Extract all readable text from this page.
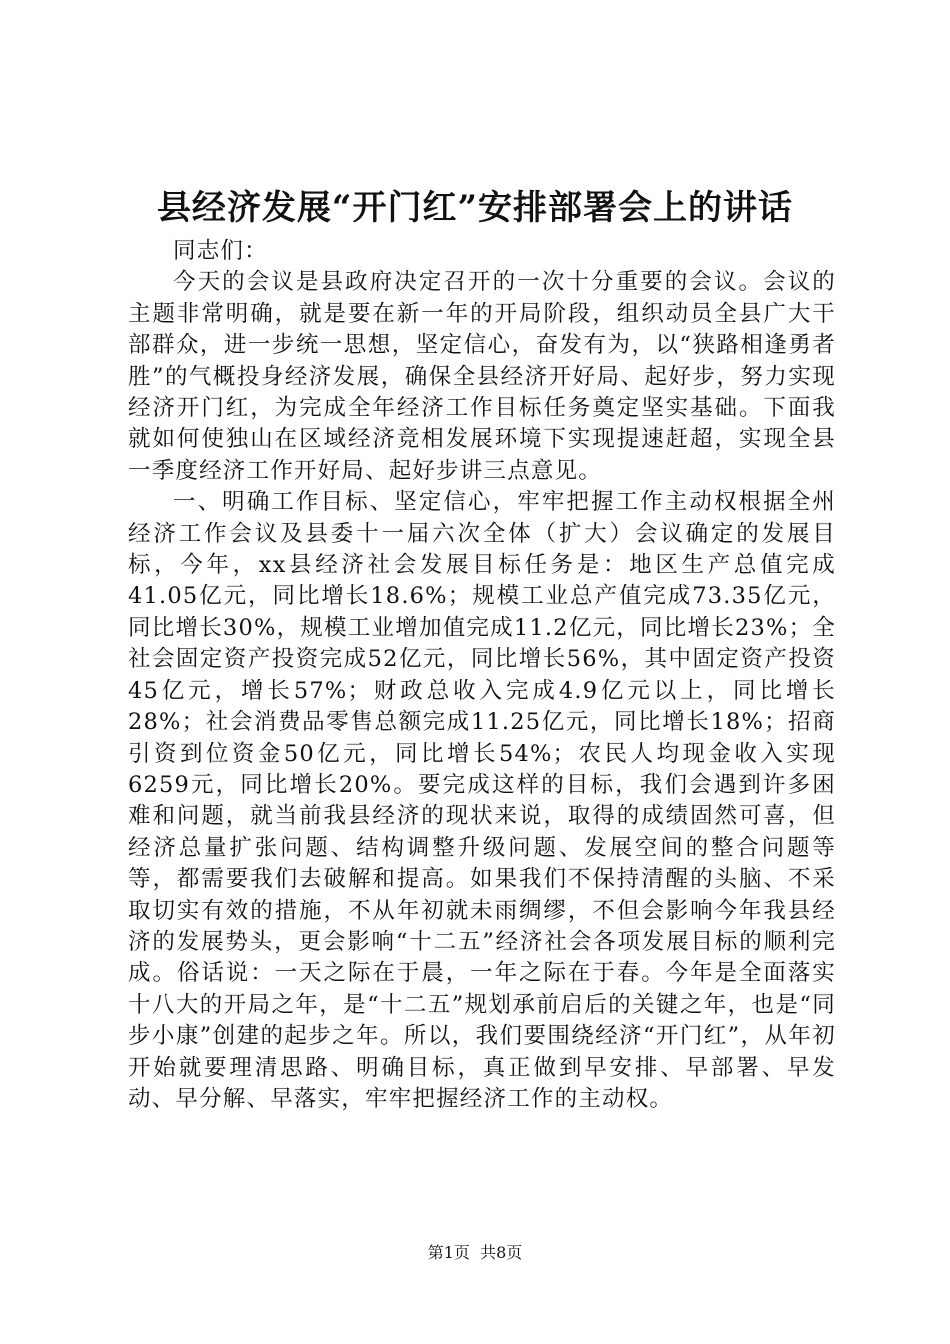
县经济发展“开门红”安排部署会上的讲话

同志们：

今天的会议是县政府决定召开的一次十分重要的会议。会议的主题非常明确，就是要在新一年的开局阶段，组织动员全县广大干部群众，进一步统一思想，坚定信心，奋发有为，以“狭路相逢勇者胜”的气概投身经济发展，确保全县经济开好局、起好步，努力实现经济开门红，为完成全年经济工作目标任务奠定坚实基础。下面我就如何使独山在区域经济竞相发展环境下实现提速赶超，实现全县一季度经济工作开好局、起好步讲三点意见。

一、明确工作目标、坚定信心，牢牢把握工作主动权根据全州经济工作会议及县委十一届六次全体（扩大）会议确定的发展目标，今年，xx县经济社会发展目标任务是：地区生产总值完成41.05亿元，同比增长18.6%；规模工业总产值完成73.35亿元，同比增长30%，规模工业增加值完成11.2亿元，同比增长23%；全社会固定资产投资完成52亿元，同比增长56%，其中固定资产投资45亿元，增长57%；财政总收入完成4.9亿元以上，同比增长28%；社会消费品零售总额完成11.25亿元，同比增长18%；招商引资到位资金50亿元，同比增长54%；农民人均现金收入实现6259元，同比增长20%。要完成这样的目标，我们会遇到许多困难和问题，就当前我县经济的现状来说，取得的成绩固然可喜，但经济总量扩张问题、结构调整升级问题、发展空间的整合问题等等，都需要我们去破解和提高。如果我们不保持清醒的头脑、不采取切实有效的措施，不从年初就未雨绸缪，不但会影响今年我县经济的发展势头，更会影响“十二五”经济社会各项发展目标的顺利完成。俗话说：一天之际在于晨，一年之际在于春。今年是全面落实十八大的开局之年，是“十二五”规划承前启后的关键之年，也是“同步小康”创建的起步之年。所以，我们要围绕经济“开门红”，从年初开始就要理清思路、明确目标，真正做到早安排、早部署、早发动、早分解、早落实，牢牢把握经济工作的主动权。

第1页 共8页
